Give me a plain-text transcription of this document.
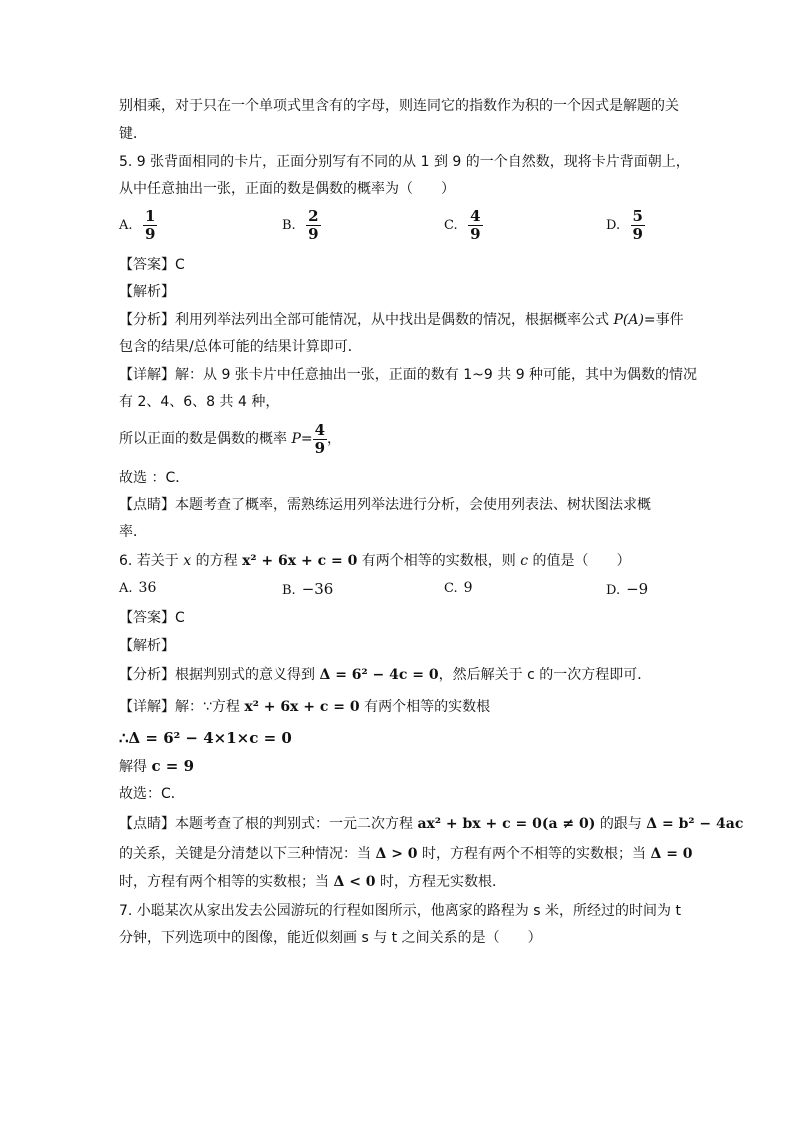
别相乘，对于只在一个单项式里含有的字母，则连同它的指数作为积的一个因式是解题的关
键．
5. 9 张背面相同的卡片，正面分别写有不同的从 1 到 9 的一个自然数，现将卡片背面朝上，
从中任意抽出一张，正面的数是偶数的概率为（　　）
A. $\frac{1}{9}$	B. $\frac{2}{9}$	C. $\frac{4}{9}$	D. $\frac{5}{9}$
【答案】C
【解析】
【分析】利用列举法列出全部可能情况，从中找出是偶数的情况，根据概率公式 P(A)=事件
包含的结果/总体可能的结果计算即可．
【详解】解：从 9 张卡片中任意抽出一张，正面的数有 1~9 共 9 种可能，其中为偶数的情况
有 2、4、6、8 共 4 种，
所以正面的数是偶数的概率 $P= \frac{4}{9}$ ，
故选 ：C．
【点睛】本题考查了概率，需熟练运用列举法进行分析，会使用列表法、树状图法求概
率．
6. 若关于 x 的方程 x² + 6x + c = 0 有两个相等的实数根，则 c 的值是（　　）
A. 36	B. −36	C. 9	D. −9
【答案】C
【解析】
【分析】根据判别式的意义得到 Δ = 6² − 4c = 0，然后解关于 c 的一次方程即可．
【详解】解：∵方程 x² + 6x + c = 0 有两个相等的实数根
∴Δ = 6² − 4×1×c = 0
解得 c = 9
故选：C．
【点睛】本题考查了根的判别式：一元二次方程 ax² + bx + c = 0(a ≠ 0) 的跟与 Δ = b² − 4ac
的关系，关键是分清楚以下三种情况：当 Δ > 0 时，方程有两个不相等的实数根；当 Δ = 0
时，方程有两个相等的实数根；当 Δ < 0 时，方程无实数根．
7. 小聪某次从家出发去公园游玩的行程如图所示，他离家的路程为 s 米，所经过的时间为 t
分钟，下列选项中的图像，能近似刻画 s 与 t 之间关系的是（　　）
